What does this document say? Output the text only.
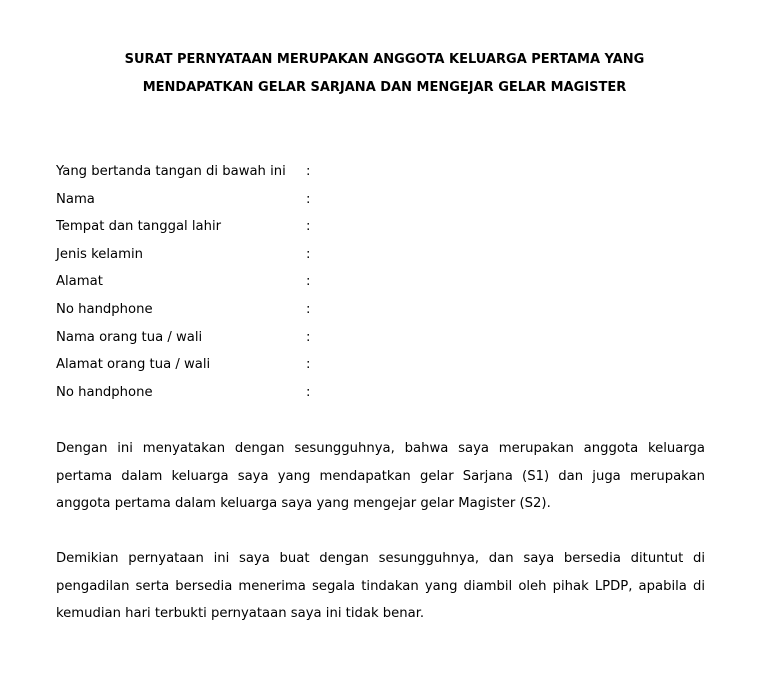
SURAT PERNYATAAN MERUPAKAN ANGGOTA KELUARGA PERTAMA YANG
MENDAPATKAN GELAR SARJANA DAN MENGEJAR GELAR MAGISTER
Yang bertanda tangan di bawah ini :
Nama	:
Tempat dan tanggal lahir	:
Jenis kelamin	:
Alamat	:
No handphone	:
Nama orang tua / wali	:
Alamat orang tua / wali	:
No handphone	:

Dengan ini menyatakan dengan sesungguhnya, bahwa saya merupakan anggota keluarga pertama dalam keluarga saya yang mendapatkan gelar Sarjana (S1) dan juga merupakan anggota pertama dalam keluarga saya yang mengejar gelar Magister (S2).

Demikian pernyataan ini saya buat dengan sesungguhnya, dan saya bersedia dituntut di pengadilan serta bersedia menerima segala tindakan yang diambil oleh pihak LPDP, apabila di kemudian hari terbukti pernyataan saya ini tidak benar.
